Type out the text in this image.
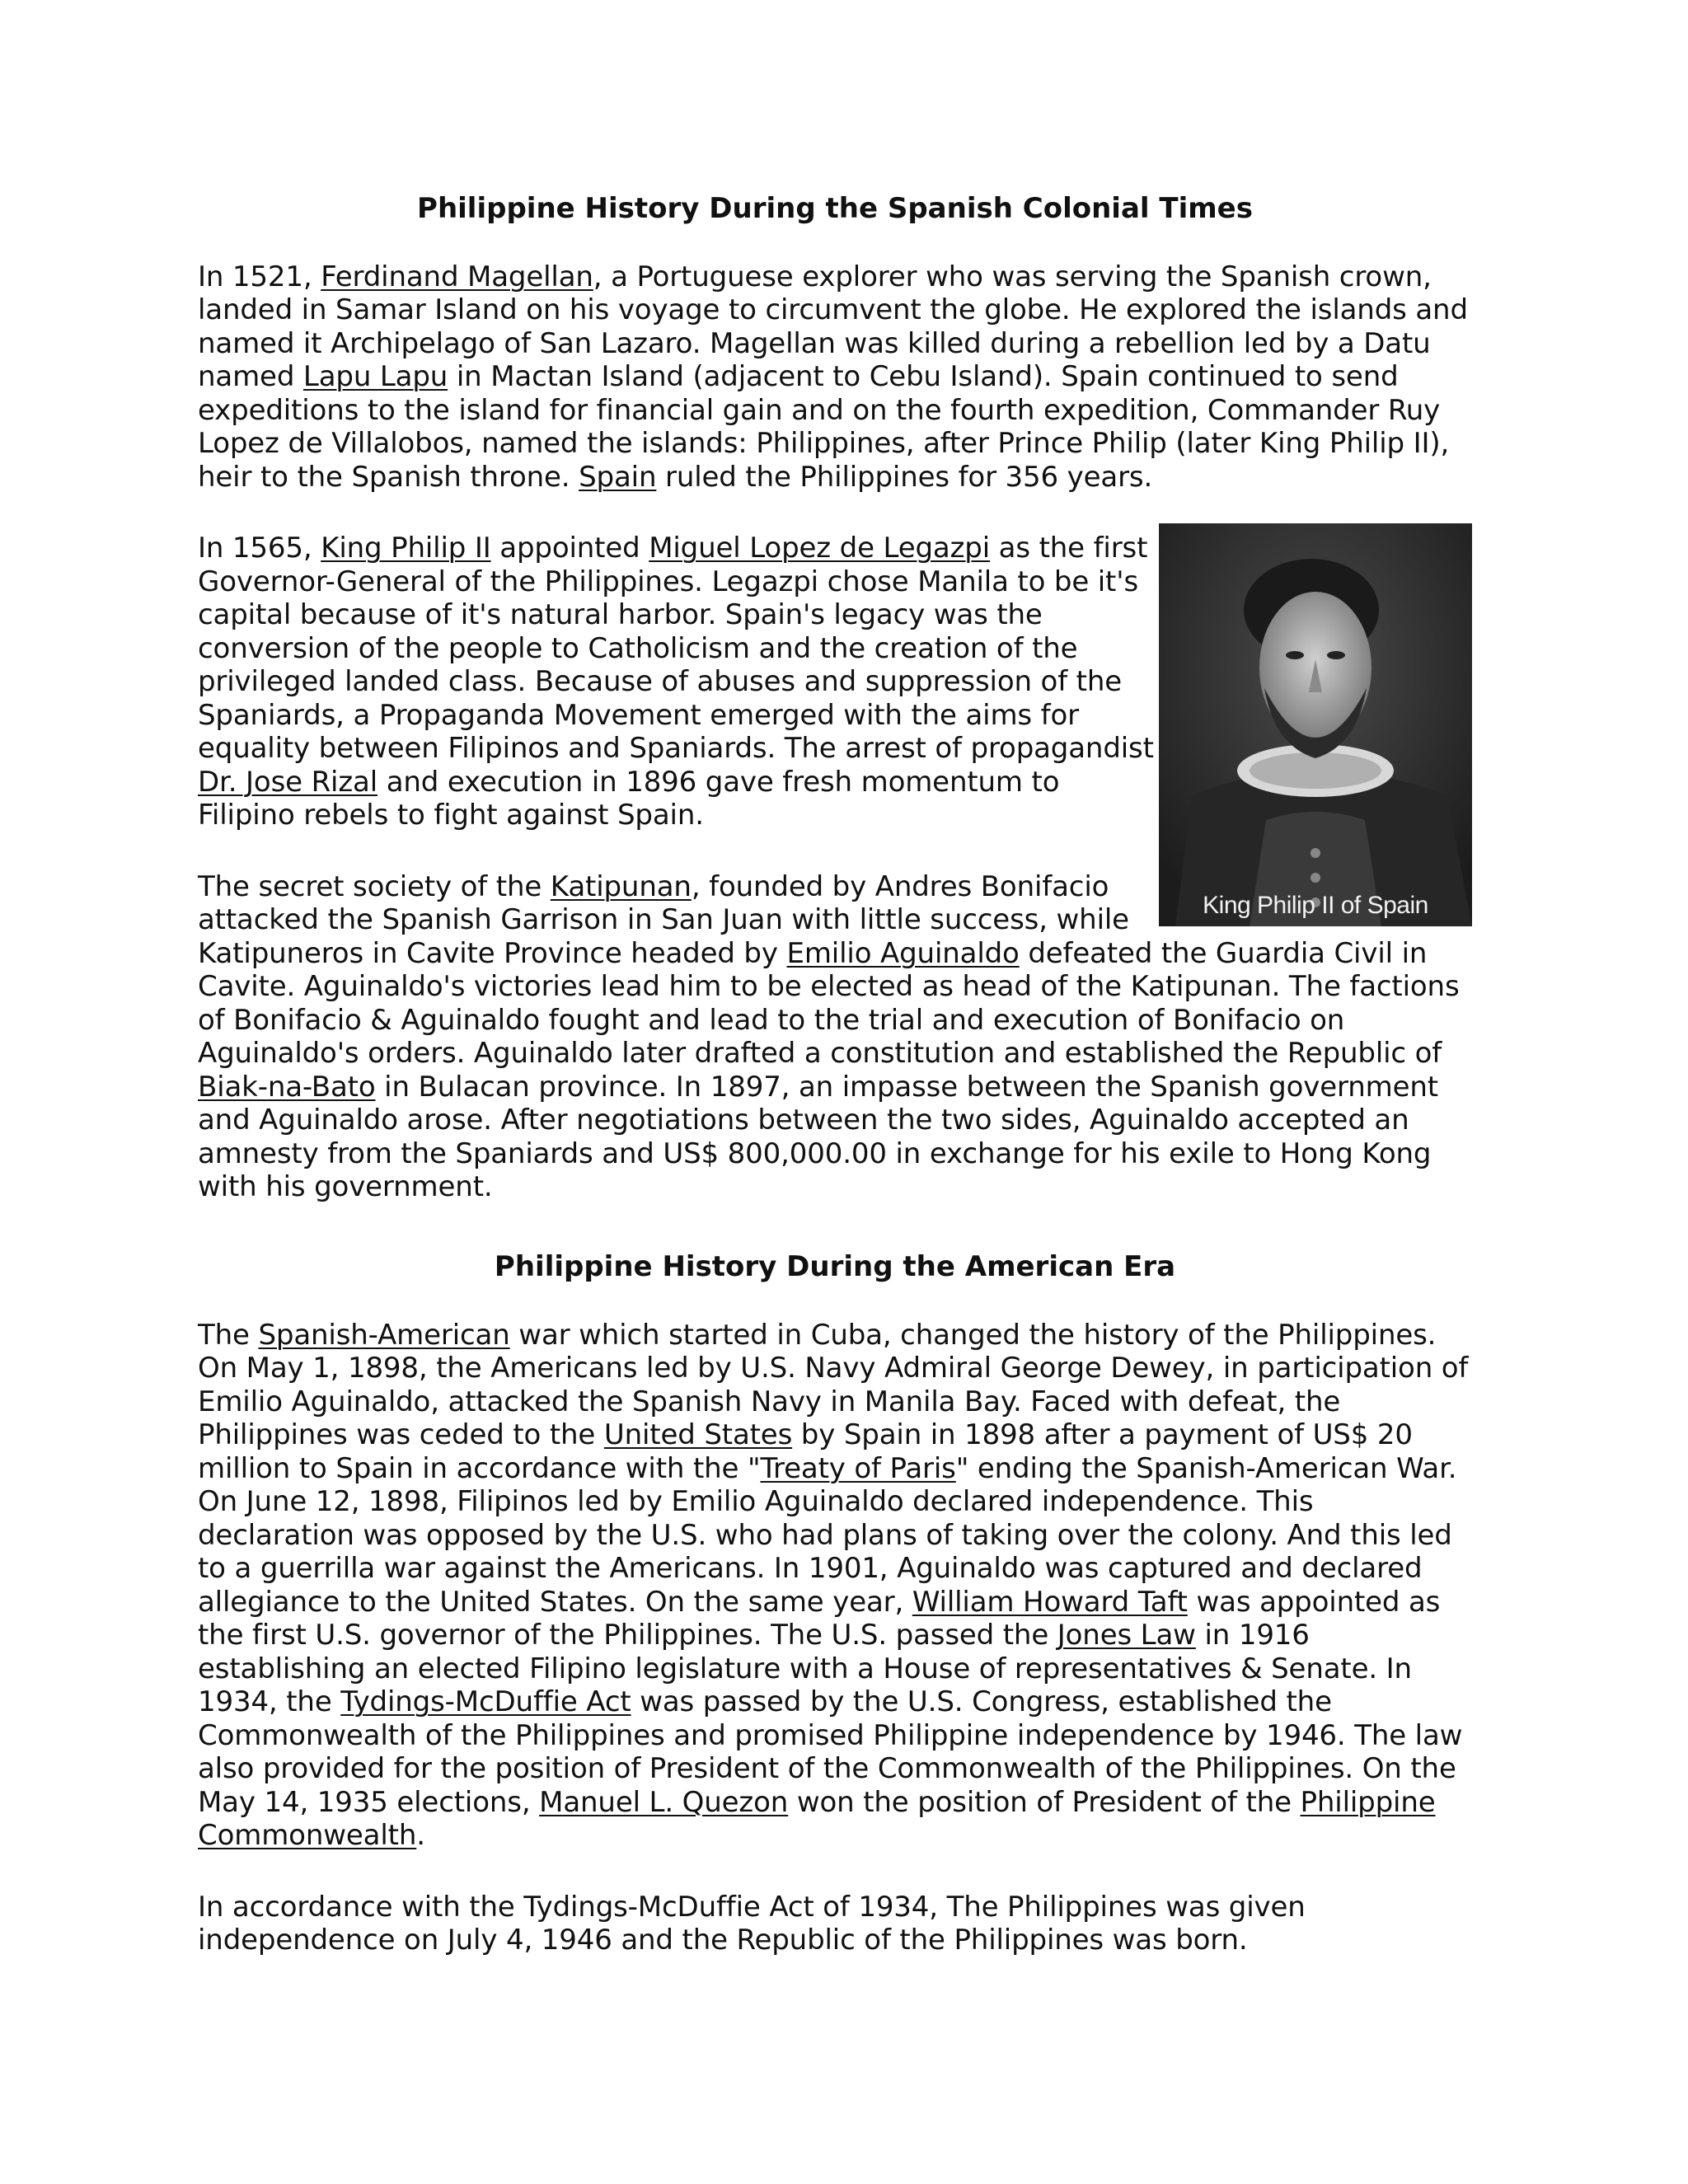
Philippine History During the Spanish Colonial Times

In 1521, Ferdinand Magellan, a Portuguese explorer who was serving the Spanish crown, landed in Samar Island on his voyage to circumvent the globe. He explored the islands and named it Archipelago of San Lazaro. Magellan was killed during a rebellion led by a Datu named Lapu Lapu in Mactan Island (adjacent to Cebu Island). Spain continued to send expeditions to the island for financial gain and on the fourth expedition, Commander Ruy Lopez de Villalobos, named the islands: Philippines, after Prince Philip (later King Philip II), heir to the Spanish throne. Spain ruled the Philippines for 356 years.

King Philip II of Spain

In 1565, King Philip II appointed Miguel Lopez de Legazpi as the first Governor-General of the Philippines. Legazpi chose Manila to be it's capital because of it's natural harbor. Spain's legacy was the conversion of the people to Catholicism and the creation of the privileged landed class. Because of abuses and suppression of the Spaniards, a Propaganda Movement emerged with the aims for equality between Filipinos and Spaniards. The arrest of propagandist Dr. Jose Rizal and execution in 1896 gave fresh momentum to Filipino rebels to fight against Spain.

The secret society of the Katipunan, founded by Andres Bonifacio attacked the Spanish Garrison in San Juan with little success, while Katipuneros in Cavite Province headed by Emilio Aguinaldo defeated the Guardia Civil in Cavite. Aguinaldo's victories lead him to be elected as head of the Katipunan. The factions of Bonifacio & Aguinaldo fought and lead to the trial and execution of Bonifacio on Aguinaldo's orders. Aguinaldo later drafted a constitution and established the Republic of Biak-na-Bato in Bulacan province. In 1897, an impasse between the Spanish government and Aguinaldo arose. After negotiations between the two sides, Aguinaldo accepted an amnesty from the Spaniards and US$ 800,000.00 in exchange for his exile to Hong Kong with his government.

Philippine History During the American Era

The Spanish-American war which started in Cuba, changed the history of the Philippines. On May 1, 1898, the Americans led by U.S. Navy Admiral George Dewey, in participation of Emilio Aguinaldo, attacked the Spanish Navy in Manila Bay. Faced with defeat, the Philippines was ceded to the United States by Spain in 1898 after a payment of US$ 20 million to Spain in accordance with the "Treaty of Paris" ending the Spanish-American War. On June 12, 1898, Filipinos led by Emilio Aguinaldo declared independence. This declaration was opposed by the U.S. who had plans of taking over the colony. And this led to a guerrilla war against the Americans. In 1901, Aguinaldo was captured and declared allegiance to the United States. On the same year, William Howard Taft was appointed as the first U.S. governor of the Philippines. The U.S. passed the Jones Law in 1916 establishing an elected Filipino legislature with a House of representatives & Senate. In 1934, the Tydings-McDuffie Act was passed by the U.S. Congress, established the Commonwealth of the Philippines and promised Philippine independence by 1946. The law also provided for the position of President of the Commonwealth of the Philippines. On the May 14, 1935 elections, Manuel L. Quezon won the position of President of the Philippine Commonwealth.

In accordance with the Tydings-McDuffie Act of 1934, The Philippines was given independence on July 4, 1946 and the Republic of the Philippines was born.
